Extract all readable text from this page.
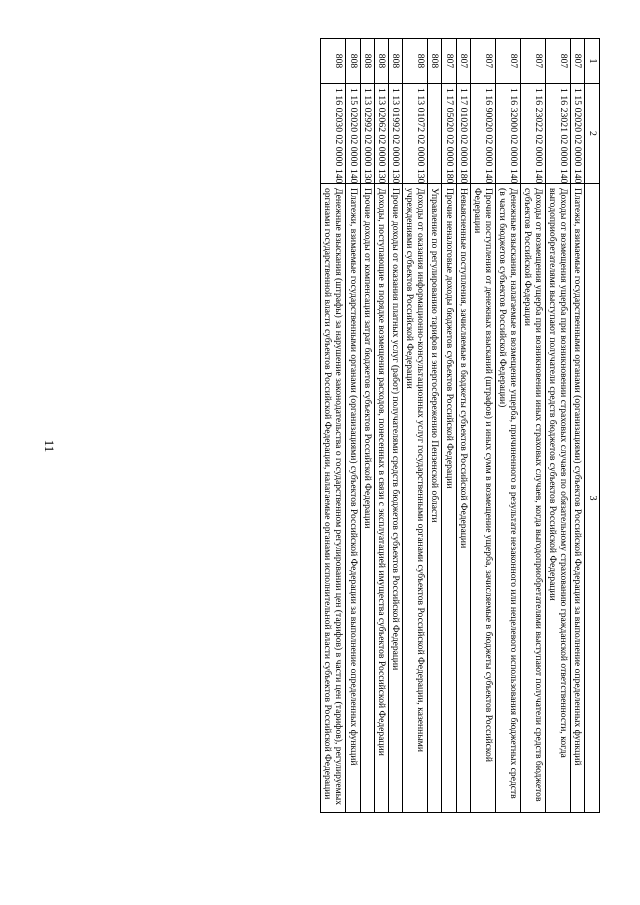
11
1	2	3
807	1 15 02020 02 0000 140	Платежи, взимаемые государственными органами (организациями) субъектов Российской Федерации за выполнение определенных функций
807	1 16 23021 02 0000 140	Доходы от возмещения ущерба при возникновении страховых случаев по обязательному страхованию гражданской ответственности, когда выгодоприобретателями выступают получатели средств бюджетов субъектов Российской Федерации
807	1 16 23022 02 0000 140	Доходы от возмещения ущерба при возникновении иных страховых случаев, когда выгодоприобретателями выступают получатели средств бюджетов субъектов Российской Федерации
807	1 16 32000 02 0000 140	Денежные взыскания, налагаемые в возмещение ущерба, причиненного в результате незаконного или нецелевого использования бюджетных средств (в части бюджетов субъектов Российской Федерации)
807	1 16 90020 02 0000 140	Прочие поступления от денежных взысканий (штрафов) и иных сумм в возмещение ущерба, зачисляемые в бюджеты субъектов Российской Федерации
807	1 17 01020 02 0000 180	Невыясненные поступления, зачисляемые в бюджеты субъектов Российской Федерации
807	1 17 05020 02 0000 180	Прочие неналоговые доходы бюджетов субъектов Российской Федерации
808		Управление по регулированию тарифов и энергосбережению Пензенской области
808	1 13 01072 02 0000 130	Доходы от оказания информационно-консультационных услуг государственными органами субъектов Российской Федерации, казенными учреждениями субъектов Российской Федерации
808	1 13 01992 02 0000 130	Прочие доходы от оказания платных услуг (работ) получателями средств бюджетов субъектов Российской Федерации
808	1 13 02062 02 0000 130	Доходы, поступающие в порядке возмещения расходов, понесенных в связи с эксплуатацией имущества субъектов Российской Федерации
808	1 13 02992 02 0000 130	Прочие доходы от компенсации затрат бюджетов субъектов Российской Федерации
808	1 15 02020 02 0000 140	Платежи, взимаемые государственными органами (организациями) субъектов Российской Федерации за выполнение определенных функций
808	1 16 02030 02 0000 140	Денежные взыскания (штрафы) за нарушение законодательства о государственном регулировании цен (тарифов) в части цен (тарифов), регулируемых органами государственной власти субъектов Российской Федерации, налагаемые органами исполнительной власти субъектов Российской Федерации
